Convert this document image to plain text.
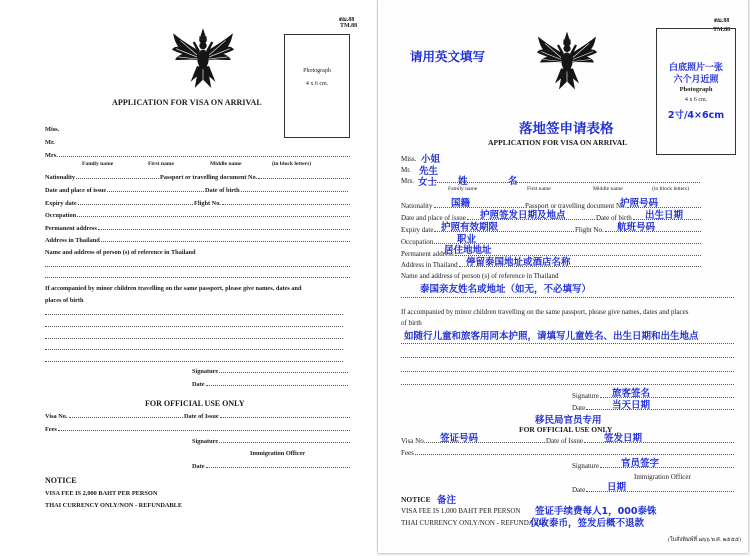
ตม.88
TM.88
Photograph
4 x 6 cm.
APPLICATION FOR VISA ON ARRIVAL
Miss.
Mr.
Mrs.
Family name	First name	Middle name	(in block letters)
Nationality	Passport or travelling document No.
Date and place of issue	Date of birth
Expiry date	Flight No.
Occupation
Permanent address
Address in Thailand
Name and address of person (s) of reference in Thailand
If accompanied by minor children travelling on the same passport, please give names, dates and
places of birth
Signature
Date
FOR OFFICIAL USE ONLY
Visa No.	Date of Issue
Fees
Signature
Immigration Officer
Date
NOTICE
VISA FEE IS 2,000 BAHT PER PERSON
THAI CURRENCY ONLY/NON - REFUNDABLE
ตม.88
TM.88
请用英文填写
白底照片一张
六个月近照
Photograph
4 x 6 cm.
2寸/4×6cm
落地签申请表格
APPLICATION FOR VISA ON ARRIVAL
Miss. 小姐
Mr. 先生
Mrs. 女士 姓	名
Family name	First name	Middle name	(in block letters)
Nationality 国籍	Passport or travelling document No.
护照号码
Date and place of issue 护照签发日期及地点	Date of birth 出生日期
Expiry date 护照有效期限	Flight No. 航班号码
Occupation 职业
Permanent address
居住地地址
Address in Thailand 停留泰国地址或酒店名称
Name and address of person (s) of reference in Thailand
泰国亲友姓名或地址（如无，不必填写）
If accompanied by minor children travelling on the same passport, please give names, dates and places
of birth
如随行儿童和旅客用同本护照，请填写儿童姓名、出生日期和出生地点
Signature 旅客签名
Date	当天日期
移民局官员专用
FOR OFFICIAL USE ONLY
Visa No. 签证号码	Date of Issue 签发日期
Fees
Signature 官员签字
Immigration Officer
Date 日期
NOTICE 备注
VISA FEE IS 1,000 BAHT PER PERSON 签证手续费每人1，000泰铢
THAI CURRENCY ONLY/NON - REFUNDABLE
仅收泰币，签发后概不退款
(ใบสั่งพิมพ์ที่ ๗๖๖ พ.ศ. ๒๕๕๕)
